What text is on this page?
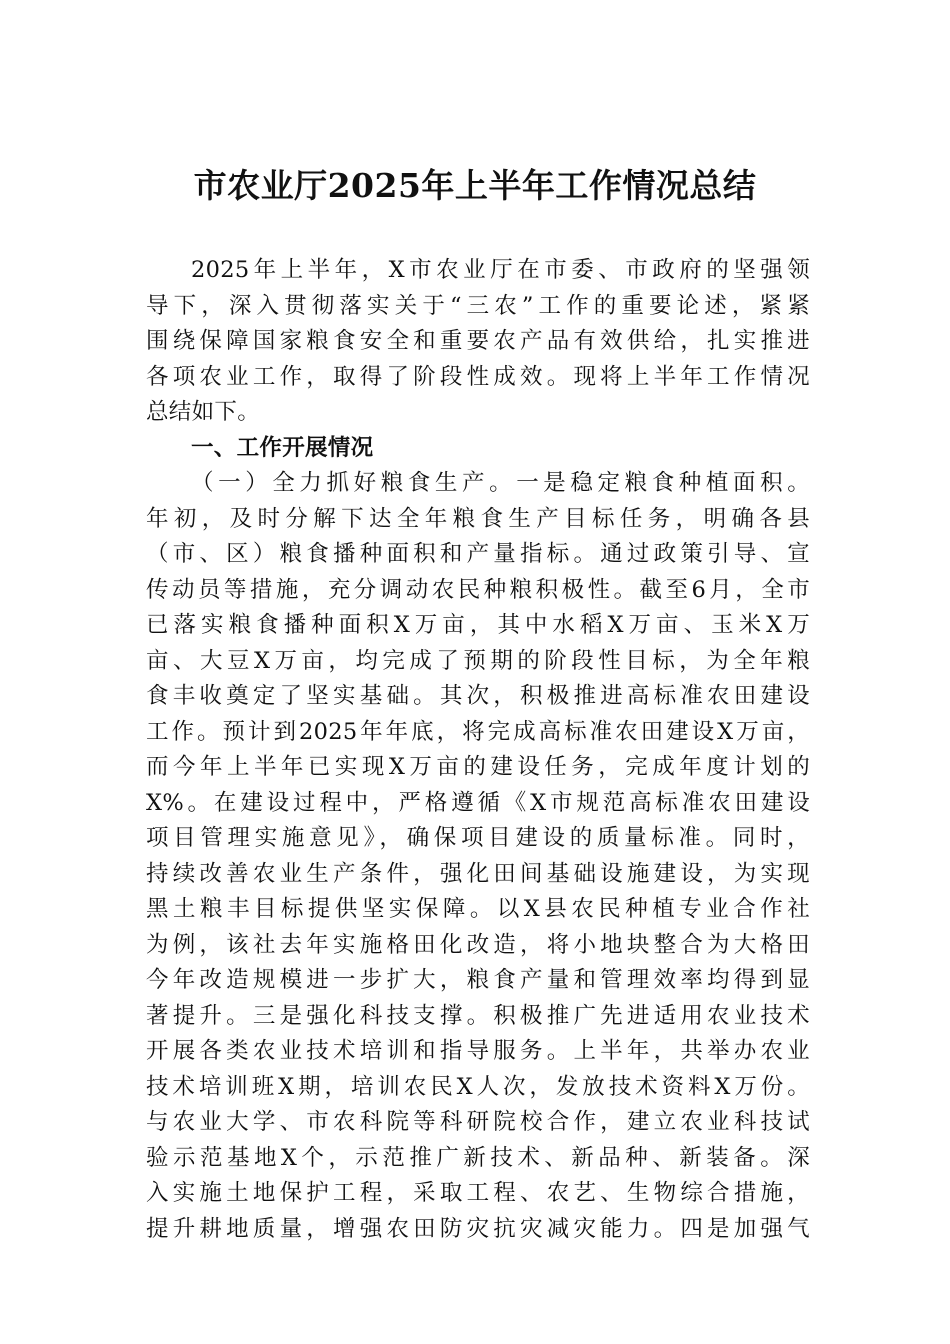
市农业厅2025年上半年工作情况总结
2025年上半年，X市农业厅在市委、市政府的坚强领
导下，深入贯彻落实关于“三农”工作的重要论述，紧紧
围绕保障国家粮食安全和重要农产品有效供给，扎实推进
各项农业工作，取得了阶段性成效。现将上半年工作情况
总结如下。
一、工作开展情况
（一）全力抓好粮食生产。一是稳定粮食种植面积。
年初，及时分解下达全年粮食生产目标任务，明确各县
（市、区）粮食播种面积和产量指标。通过政策引导、宣
传动员等措施，充分调动农民种粮积极性。截至6月，全市
已落实粮食播种面积X万亩，其中水稻X万亩、玉米X万
亩、大豆X万亩，均完成了预期的阶段性目标，为全年粮
食丰收奠定了坚实基础。其次，积极推进高标准农田建设
工作。预计到2025年年底，将完成高标准农田建设X万亩，
而今年上半年已实现X万亩的建设任务，完成年度计划的
X%。在建设过程中，严格遵循《X市规范高标准农田建设
项目管理实施意见》，确保项目建设的质量标准。同时，
持续改善农业生产条件，强化田间基础设施建设，为实现
黑土粮丰目标提供坚实保障。以X县农民种植专业合作社
为例，该社去年实施格田化改造，将小地块整合为大格田
今年改造规模进一步扩大，粮食产量和管理效率均得到显
著提升。三是强化科技支撑。积极推广先进适用农业技术
开展各类农业技术培训和指导服务。上半年，共举办农业
技术培训班X期，培训农民X人次，发放技术资料X万份。
与农业大学、市农科院等科研院校合作，建立农业科技试
验示范基地X个，示范推广新技术、新品种、新装备。深
入实施土地保护工程，采取工程、农艺、生物综合措施，
提升耕地质量，增强农田防灾抗灾减灾能力。四是加强气
